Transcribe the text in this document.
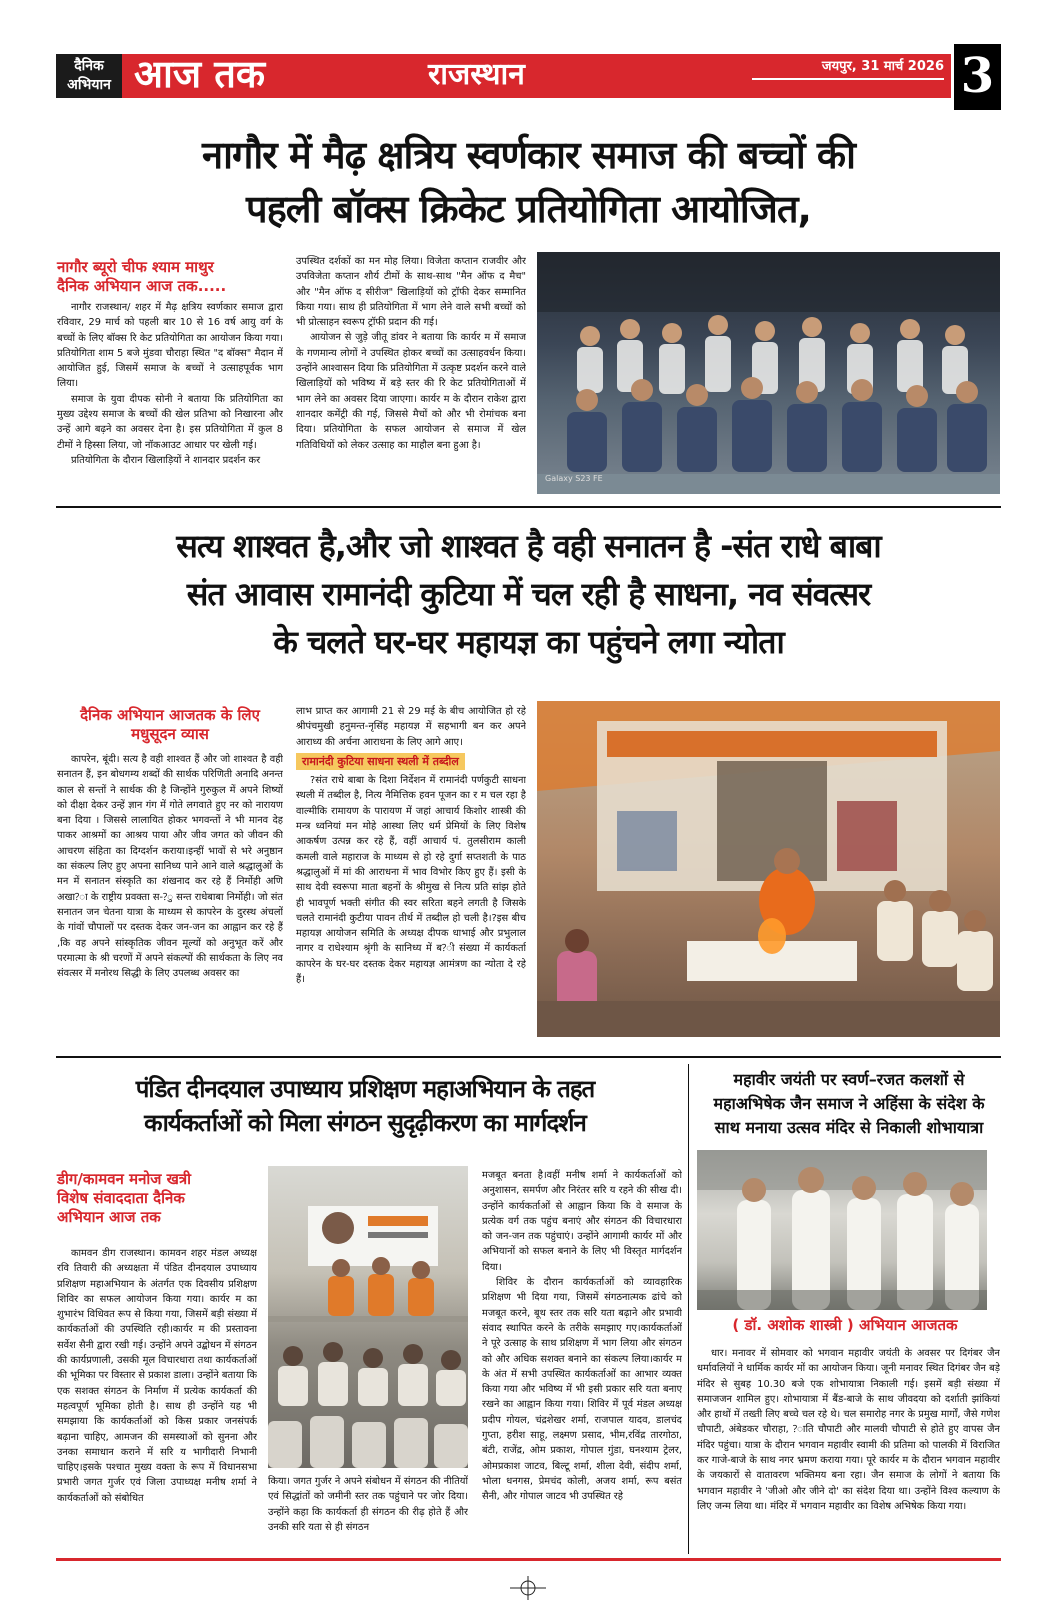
दैनिक
अभियान आज तक	राजस्थान	जयपुर, 31 मार्च 2026 3
नागौर में मैढ़ क्षत्रिय स्वर्णकार समाज की बच्चों की
पहली बॉक्स क्रिकेट प्रतियोगिता आयोजित,
नागौर ब्यूरो चीफ श्याम माथुर
दैनिक अभियान आज तक.....

नागौर राजस्थान/ शहर में मैढ़ क्षत्रिय स्वर्णकार समाज द्वारा रविवार, 29 मार्च को पहली बार 10 से 16 वर्ष आयु वर्ग के बच्चों के लिए बॉक्स रि केट प्रतियोगिता का आयोजन किया गया। प्रतियोगिता शाम 5 बजे मुंडवा चौराहा स्थित "द बॉक्स" मैदान में आयोजित हुई, जिसमें समाज के बच्चों ने उत्साहपूर्वक भाग लिया।

समाज के युवा दीपक सोनी ने बताया कि प्रतियोगिता का मुख्य उद्देश्य समाज के बच्चों की खेल प्रतिभा को निखारना और उन्हें आगे बढ़ने का अवसर देना है। इस प्रतियोगिता में कुल 8 टीमों ने हिस्सा लिया, जो नॉकआउट आधार पर खेली गई।

प्रतियोगिता के दौरान खिलाड़ियों ने शानदार प्रदर्शन कर

उपस्थित दर्शकों का मन मोह लिया। विजेता कप्तान राजवीर और उपविजेता कप्तान शौर्य टीमों के साथ-साथ "मैन ऑफ द मैच" और "मैन ऑफ द सीरीज" खिलाड़ियों को ट्रॉफी देकर सम्मानित किया गया। साथ ही प्रतियोगिता में भाग लेने वाले सभी बच्चों को भी प्रोत्साहन स्वरूप ट्रॉफी प्रदान की गई।

आयोजन से जुड़े जीतू डांवर ने बताया कि कार्यर म में समाज के गणमान्य लोगों ने उपस्थित होकर बच्चों का उत्साहवर्धन किया। उन्होंने आश्वासन दिया कि प्रतियोगिता में उत्कृष्ट प्रदर्शन करने वाले खिलाड़ियों को भविष्य में बड़े स्तर की रि केट प्रतियोगिताओं में भाग लेने का अवसर दिया जाएगा। कार्यर म के दौरान राकेश द्वारा शानदार कमेंट्री की गई, जिससे मैचों को और भी रोमांचक बना दिया। प्रतियोगिता के सफल आयोजन से समाज में खेल गतिविधियों को लेकर उत्साह का माहौल बना हुआ है।

Galaxy S23 FE
सत्य शाश्वत है,और जो शाश्वत है वही सनातन है -संत राधे बाबा
संत आवास रामानंदी कुटिया में चल रही है साधना, नव संवत्सर
के चलते घर-घर महायज्ञ का पहुंचने लगा न्योता
दैनिक अभियान आजतक के लिए
मधुसूदन व्यास

कापरेन, बूंदी। सत्य है वही शाश्वत हैं और जो शाश्वत है वही सनातन हैं, इन बोधगम्य शब्दों की सार्थक परिणिती अनादि अनन्त काल से सन्तों ने सार्थक की है जिन्होंने गुरुकुल में अपने शिष्यों को दीक्षा देकर उन्हें ज्ञान गंग में गोते लगवाते हुए नर को नारायण बना दिया । जिससे लालायित होकर भगवन्तों ने भी मानव देह पाकर आश्रमों का आश्रय पाया और जीव जगत को जीवन की आचरण संहिता का दिग्दर्शन कराया।इन्हीं भावों से भरे अनुष्ठान का संकल्प लिए हुए अपना सानिध्य पाने आने वाले श्रद्धालुओं के मन में सनातन संस्कृति का शंखनाद कर रहे हैं निर्मोही अणि अखा?ा के राष्ट्रीय प्रवक्ता स-?ु सन्त राधेबाबा निर्मोही। जो संत सनातन जन चेतना यात्रा के माध्यम से कापरेन के दुरस्थ अंचलों के गांवों चौपालों पर दस्तक देकर जन-जन का आह्वान कर रहे हैं ,कि वह अपने सांस्कृतिक जीवन मूल्यों को अनुभूत करें और परमात्मा के श्री चरणों में अपने संकल्पों की सार्थकता के लिए नव संवत्सर में मनोरथ सिद्धी के लिए उपलब्ध अवसर का

लाभ प्राप्त कर आगामी 21 से 29 मई के बीच आयोजित हो रहे श्रीपंचमुखी हनुमन्त-नृसिंह महायज्ञ में सहभागी बन कर अपने आराध्य की अर्चना आराधना के लिए आगे आए।

रामानंदी कुटिया साधना स्थली में तब्दील

?संत राधे बाबा के दिशा निर्देशन में रामानंदी पर्णकुटी साधना स्थली में तब्दील है, नित्य नैमित्तिक हवन पूजन का र म चल रहा है वाल्मीकि रामायण के पारायण में जहां आचार्य किशोर शास्त्री की मन्त्र ध्वनियां मन मोहे आस्था लिए धर्म प्रेमियों के लिए विशेष आकर्षण उत्पन्न कर रहे हैं, वहीं आचार्य पं. तुलसीराम काली कमली वाले महाराज के माध्यम से हो रहे दुर्गा सप्तशती के पाठ श्रद्धालुओं में मां की आराधना में भाव विभोर किए हुए हैं। इसी के साथ देवी स्वरूपा माता बहनों के श्रीमुख से नित्य प्रति सांझ होते ही भावपूर्ण भक्ती संगीत की स्वर सरिता बहने लगती है जिसके चलते रामानंदी कुटीया पावन तीर्थ में तब्दील हो चली है।?इस बीच महायज्ञ आयोजन समिति के अध्यक्ष दीपक धाभाई और प्रभुलाल नागर व राधेश्याम श्रृंगी के सानिध्य में ब?ी संख्या में कार्यकर्ता कापरेन के घर-घर दस्तक देकर महायज्ञ आमंत्रण का न्योता दे रहे हैं।

पंडित दीनदयाल उपाध्याय प्रशिक्षण महाअभियान के तहत
कार्यकर्ताओं को मिला संगठन सुदृढ़ीकरण का मार्गदर्शन
डीग/कामवन मनोज खत्री
विशेष संवाददाता दैनिक
अभियान आज तक

कामवन डीग राजस्थान। कामवन शहर मंडल अध्यक्ष रवि तिवारी की अध्यक्षता में पंडित दीनदयाल उपाध्याय प्रशिक्षण महाअभियान के अंतर्गत एक दिवसीय प्रशिक्षण शिविर का सफल आयोजन किया गया। कार्यर म का शुभारंभ विधिवत रूप से किया गया, जिसमें बड़ी संख्या में कार्यकर्ताओं की उपस्थिति रही।कार्यर म की प्रस्तावना सर्वेश सैनी द्वारा रखी गई। उन्होंने अपने उद्बोधन में संगठन की कार्यप्रणाली, उसकी मूल विचारधारा तथा कार्यकर्ताओं की भूमिका पर विस्तार से प्रकाश डाला। उन्होंने बताया कि एक सशक्त संगठन के निर्माण में प्रत्येक कार्यकर्ता की महत्वपूर्ण भूमिका होती है। साथ ही उन्होंने यह भी समझाया कि कार्यकर्ताओं को किस प्रकार जनसंपर्क बढ़ाना चाहिए, आमजन की समस्याओं को सुनना और उनका समाधान कराने में सरि य भागीदारी निभानी चाहिए।इसके पश्चात मुख्य वक्ता के रूप में विधानसभा प्रभारी जगत गुर्जर एवं जिला उपाध्यक्ष मनीष शर्मा ने कार्यकर्ताओं को संबोधित

किया। जगत गुर्जर ने अपने संबोधन में संगठन की नीतियों एवं सिद्धांतों को जमीनी स्तर तक पहुंचाने पर जोर दिया। उन्होंने कहा कि कार्यकर्ता ही संगठन की रीढ़ होते हैं और उनकी सरि यता से ही संगठन

मजबूत बनता है।वहीं मनीष शर्मा ने कार्यकर्ताओं को अनुशासन, समर्पण और निरंतर सरि य रहने की सीख दी। उन्होंने कार्यकर्ताओं से आह्वान किया कि वे समाज के प्रत्येक वर्ग तक पहुंच बनाएं और संगठन की विचारधारा को जन-जन तक पहुंचाएं। उन्होंने आगामी कार्यर मों और अभियानों को सफल बनाने के लिए भी विस्तृत मार्गदर्शन दिया।

शिविर के दौरान कार्यकर्ताओं को व्यावहारिक प्रशिक्षण भी दिया गया, जिसमें संगठनात्मक ढांचे को मजबूत करने, बूथ स्तर तक सरि यता बढ़ाने और प्रभावी संवाद स्थापित करने के तरीके समझाए गए।कार्यकर्ताओं ने पूरे उत्साह के साथ प्रशिक्षण में भाग लिया और संगठन को और अधिक सशक्त बनाने का संकल्प लिया।कार्यर म के अंत में सभी उपस्थित कार्यकर्ताओं का आभार व्यक्त किया गया और भविष्य में भी इसी प्रकार सरि यता बनाए रखने का आह्वान किया गया। शिविर में पूर्व मंडल अध्यक्ष प्रदीप गोयल, चंद्रशेखर शर्मा, राजपाल यादव, डालचंद गुप्ता, हरीश साहू, लक्ष्मण प्रसाद, भीम,रविंद्र तारगोठा, बंटी, राजेंद्र, ओम प्रकाश, गोपाल गुंडा, घनश्याम ट्रेलर, ओमप्रकाश जाटव, बिल्टू शर्मा, शीला देवी, संदीप शर्मा, भोला धनगस, प्रेमचंद कोली, अजय शर्मा, रूप बसंत सैनी, और गोपाल जाटव भी उपस्थित रहे

महावीर जयंती पर स्वर्ण–रजत कलशों से
महाअभिषेक जैन समाज ने अहिंसा के संदेश के
साथ मनाया उत्सव मंदिर से निकाली शोभायात्रा
( डॉ. अशोक शास्त्री ) अभियान आजतक

धार। मनावर में सोमवार को भगवान महावीर जयंती के अवसर पर दिगंबर जैन धर्मावलियों ने धार्मिक कार्यर मों का आयोजन किया। जूनी मनावर स्थित दिगंबर जैन बड़े मंदिर से सुबह 10.30 बजे एक शोभायात्रा निकाली गई। इसमें बड़ी संख्या में समाजजन शामिल हुए। शोभायात्रा में बैंड-बाजे के साथ जीवदया को दर्शाती झांकियां और हाथों में तख्ती लिए बच्चे चल रहे थे। चल समारोह नगर के प्रमुख मार्गों, जैसे गणेश चौपाटी, अंबेडकर चौराहा, ?ाति चौपाटी और मालवी चौपाटी से होते हुए वापस जैन मंदिर पहुंचा। यात्रा के दौरान भगवान महावीर स्वामी की प्रतिमा को पालकी में विराजित कर गाजे-बाजे के साथ नगर भ्रमण कराया गया। पूरे कार्यर म के दौरान भगवान महावीर के जयकारों से वातावरण भक्तिमय बना रहा। जैन समाज के लोगों ने बताया कि भगवान महावीर ने 'जीओ और जीने दो' का संदेश दिया था। उन्होंने विश्व कल्याण के लिए जन्म लिया था। मंदिर में भगवान महावीर का विशेष अभिषेक किया गया।
